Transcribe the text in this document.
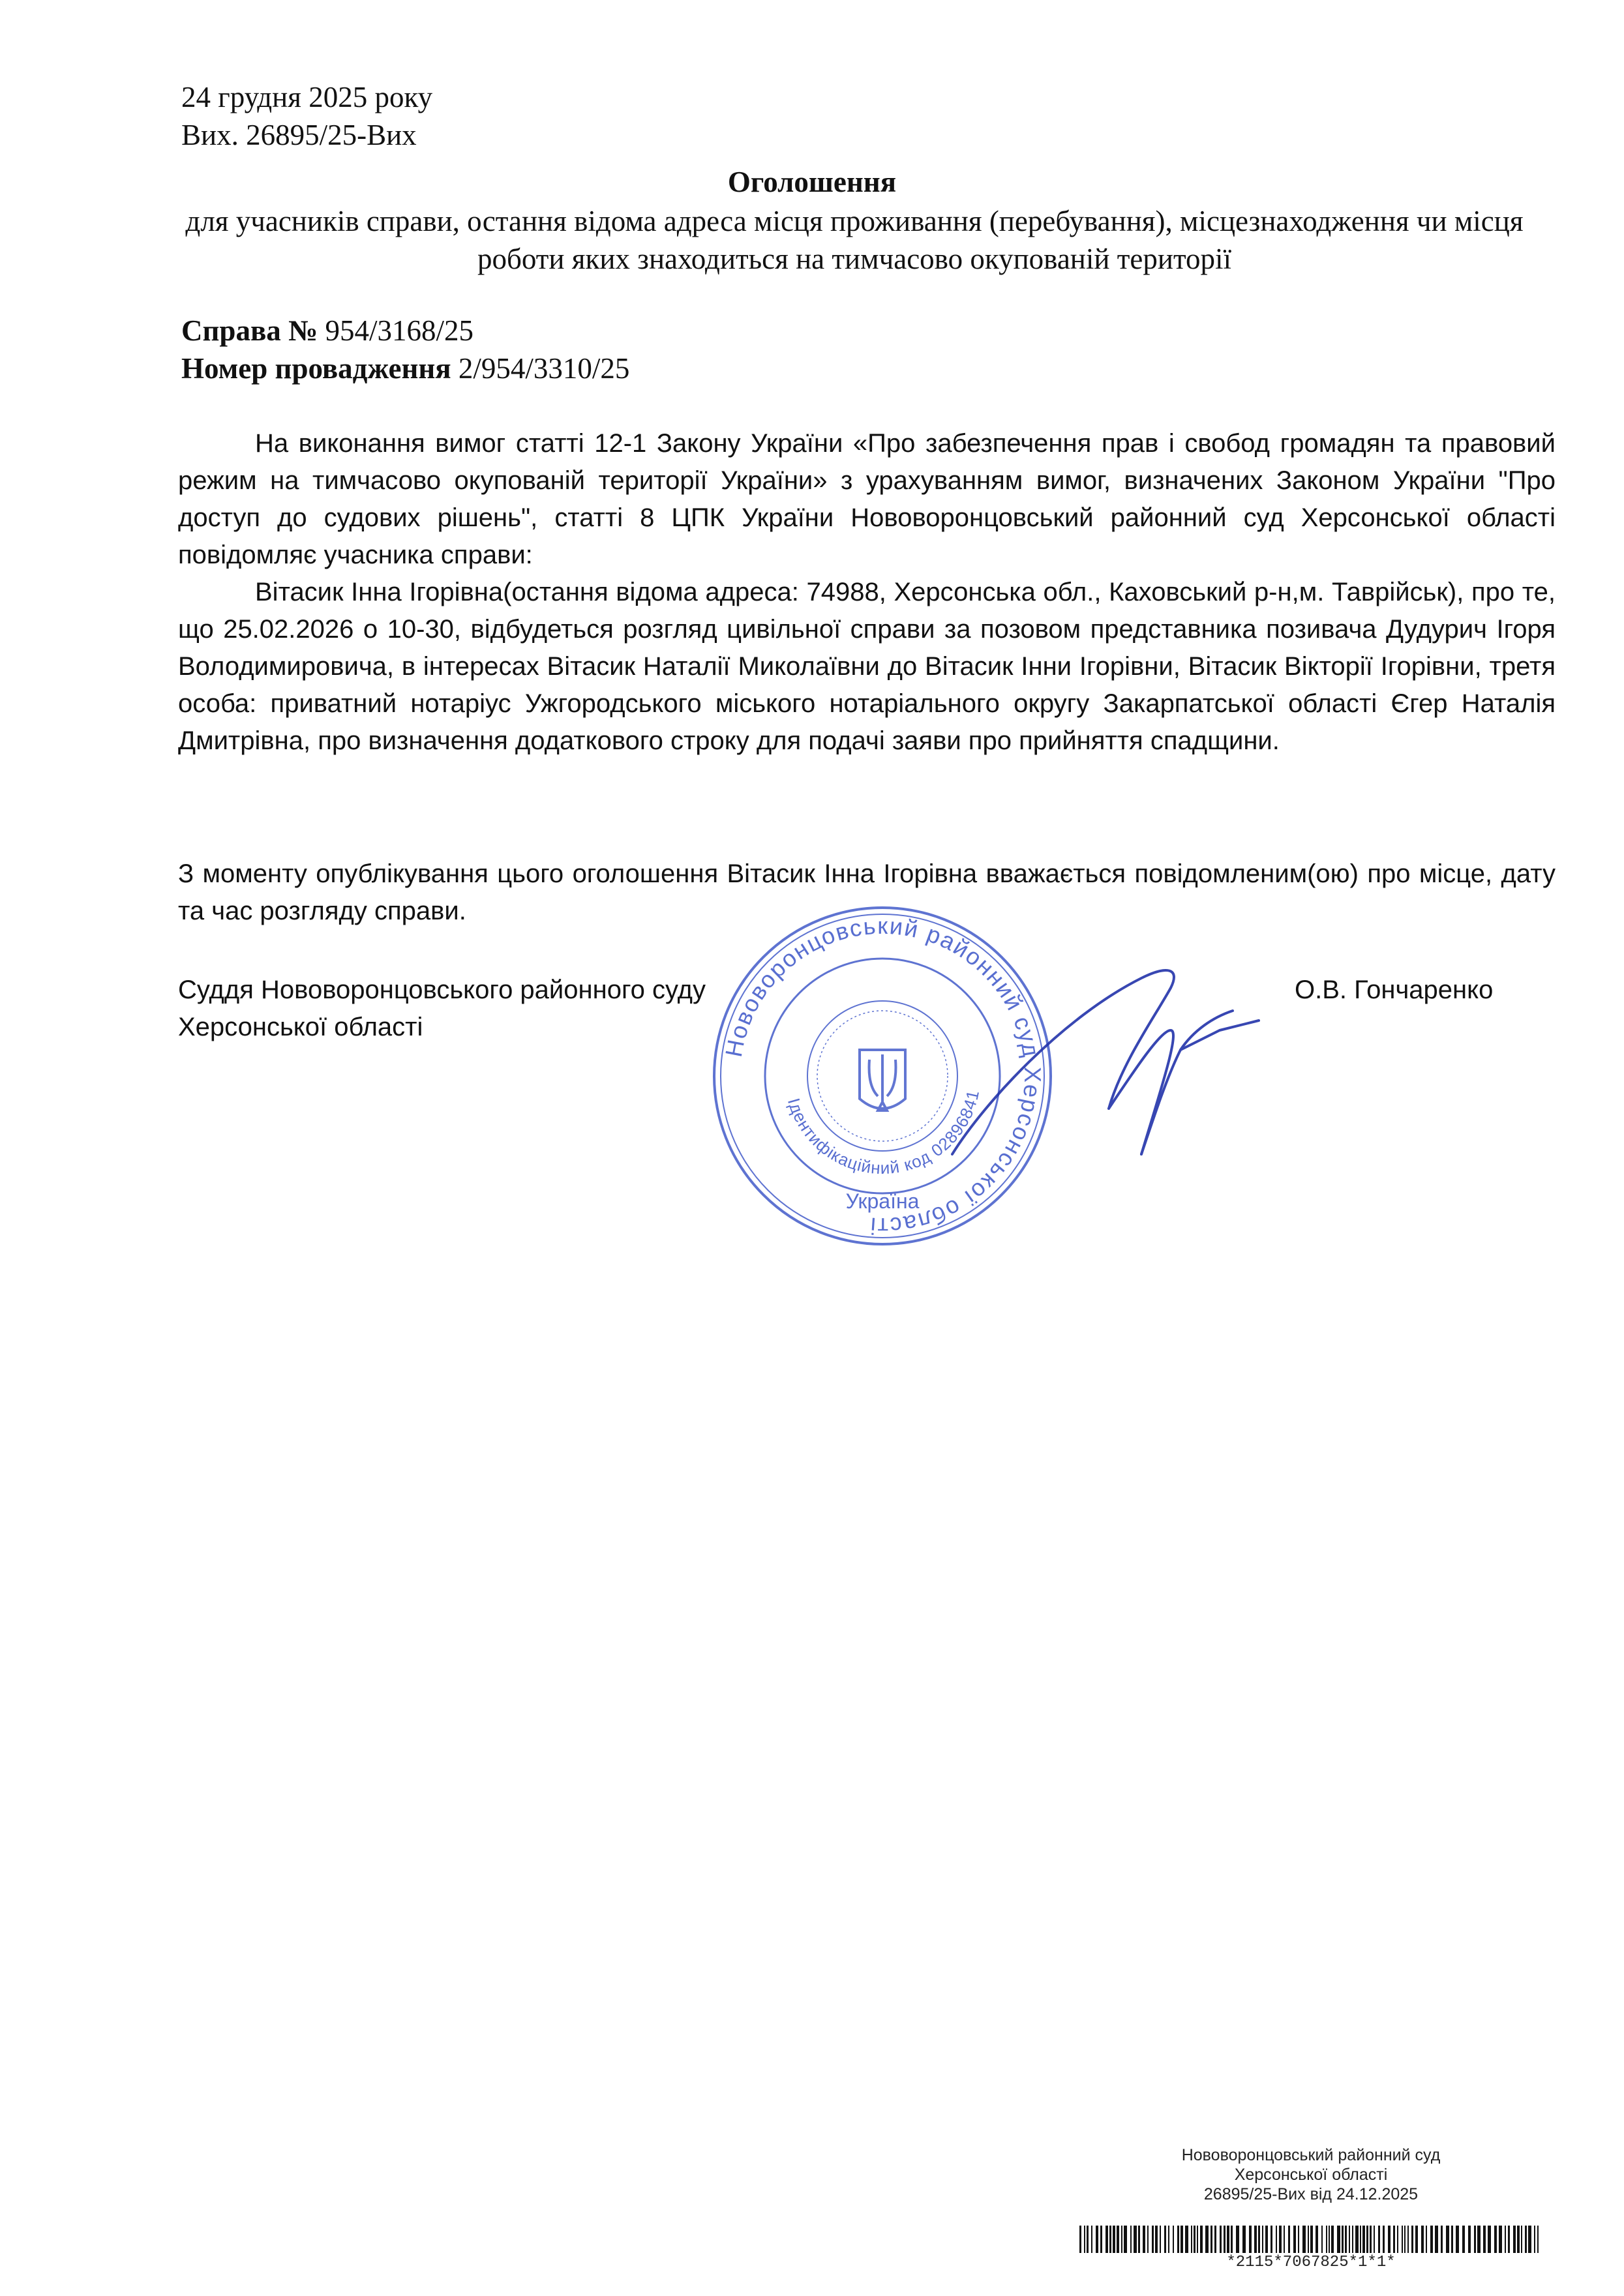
24 грудня 2025 року
Вих. 26895/25-Вих
Оголошення
для учасників справи, остання відома адреса місця проживання (перебування), місцезнаходження чи місця роботи яких знаходиться на тимчасово окупованій території
Справа № 954/3168/25
Номер провадження 2/954/3310/25
На виконання вимог статті 12-1 Закону України «Про забезпечення прав і свобод громадян та правовий режим на тимчасово окупованій території України» з урахуванням вимог, визначених Законом України "Про доступ до судових рішень", статті 8 ЦПК України Нововоронцовський районний суд Херсонської області повідомляє учасника справи:
Вітасик Інна Ігорівна(остання відома адреса: 74988, Херсонська обл., Каховський р-н,м. Таврійськ), про те, що 25.02.2026 о 10-30, відбудеться розгляд цивільної справи за позовом представника позивача Дудурич Ігоря Володимировича, в інтересах Вітасик Наталії Миколаївни до Вітасик Інни Ігорівни, Вітасик Вікторії Ігорівни, третя особа: приватний нотаріус Ужгородського міського нотаріального округу Закарпатської області Єгер Наталія Дмитрівна, про визначення додаткового строку для подачі заяви про прийняття спадщини.
З моменту опублікування цього оголошення Вітасик Інна Ігорівна вважається повідомленим(ою) про місце, дату та час розгляду справи.
Суддя Нововоронцовського районного суду
Херсонської області
О.В. Гончаренко
Нововоронцовський районний суд Херсонської області
Ідентифікаційний код 02896841
Україна
Нововоронцовський районний суд
Херсонської області
26895/25-Вих від 24.12.2025
*2115*7067825*1*1*
